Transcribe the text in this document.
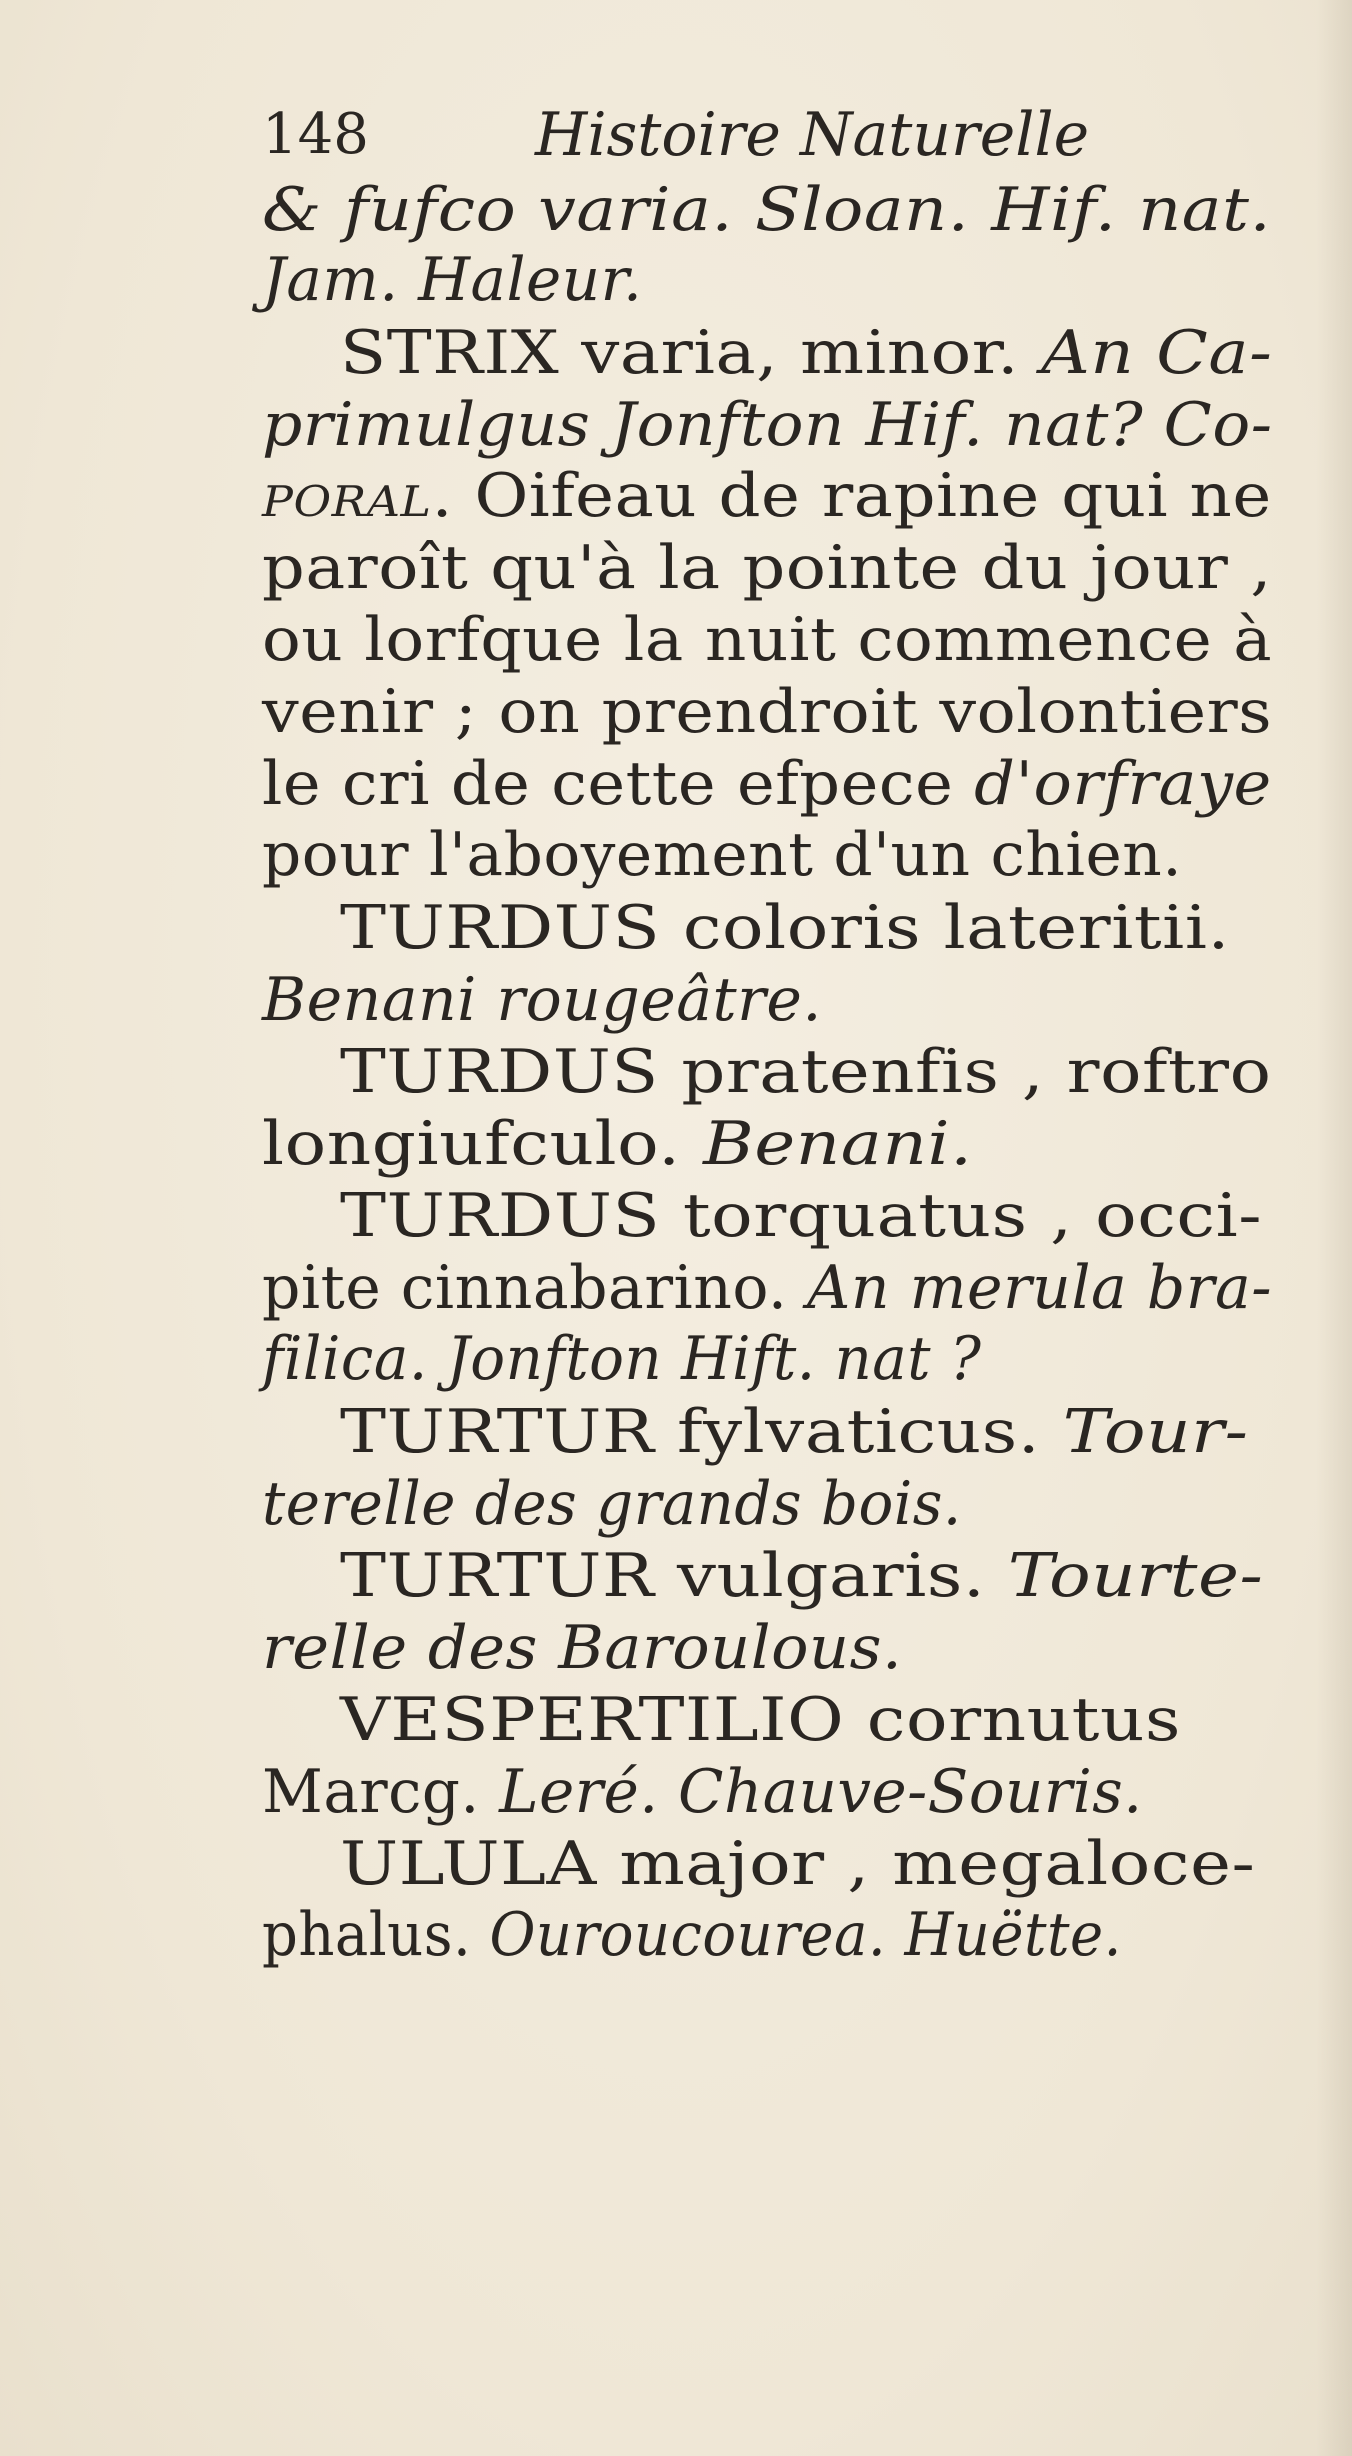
148	Histoire Naturelle
& fufco varia. Sloan. Hif. nat.
Jam. Haleur.
STRIX varia, minor. An Ca-
primulgus Jonfton Hif. nat? Co-
poral. Oifeau de rapine qui ne
paroît qu'à la pointe du jour ,
ou lorfque la nuit commence à
venir ; on prendroit volontiers
le cri de cette efpece d'orfraye
pour l'aboyement d'un chien.
TURDUS coloris lateritii.
Benani rougeâtre.
TURDUS pratenfis , roftro
longiufculo. Benani.
TURDUS torquatus , occi-
pite cinnabarino. An merula bra-
filica. Jonfton Hift. nat ?
TURTUR fylvaticus. Tour-
terelle des grands bois.
TURTUR vulgaris. Tourte-
relle des Baroulous.
VESPERTILIO cornutus
Marcg. Leré. Chauve-Souris.
ULULA major , megaloce-
phalus. Ouroucourea. Huëtte.
